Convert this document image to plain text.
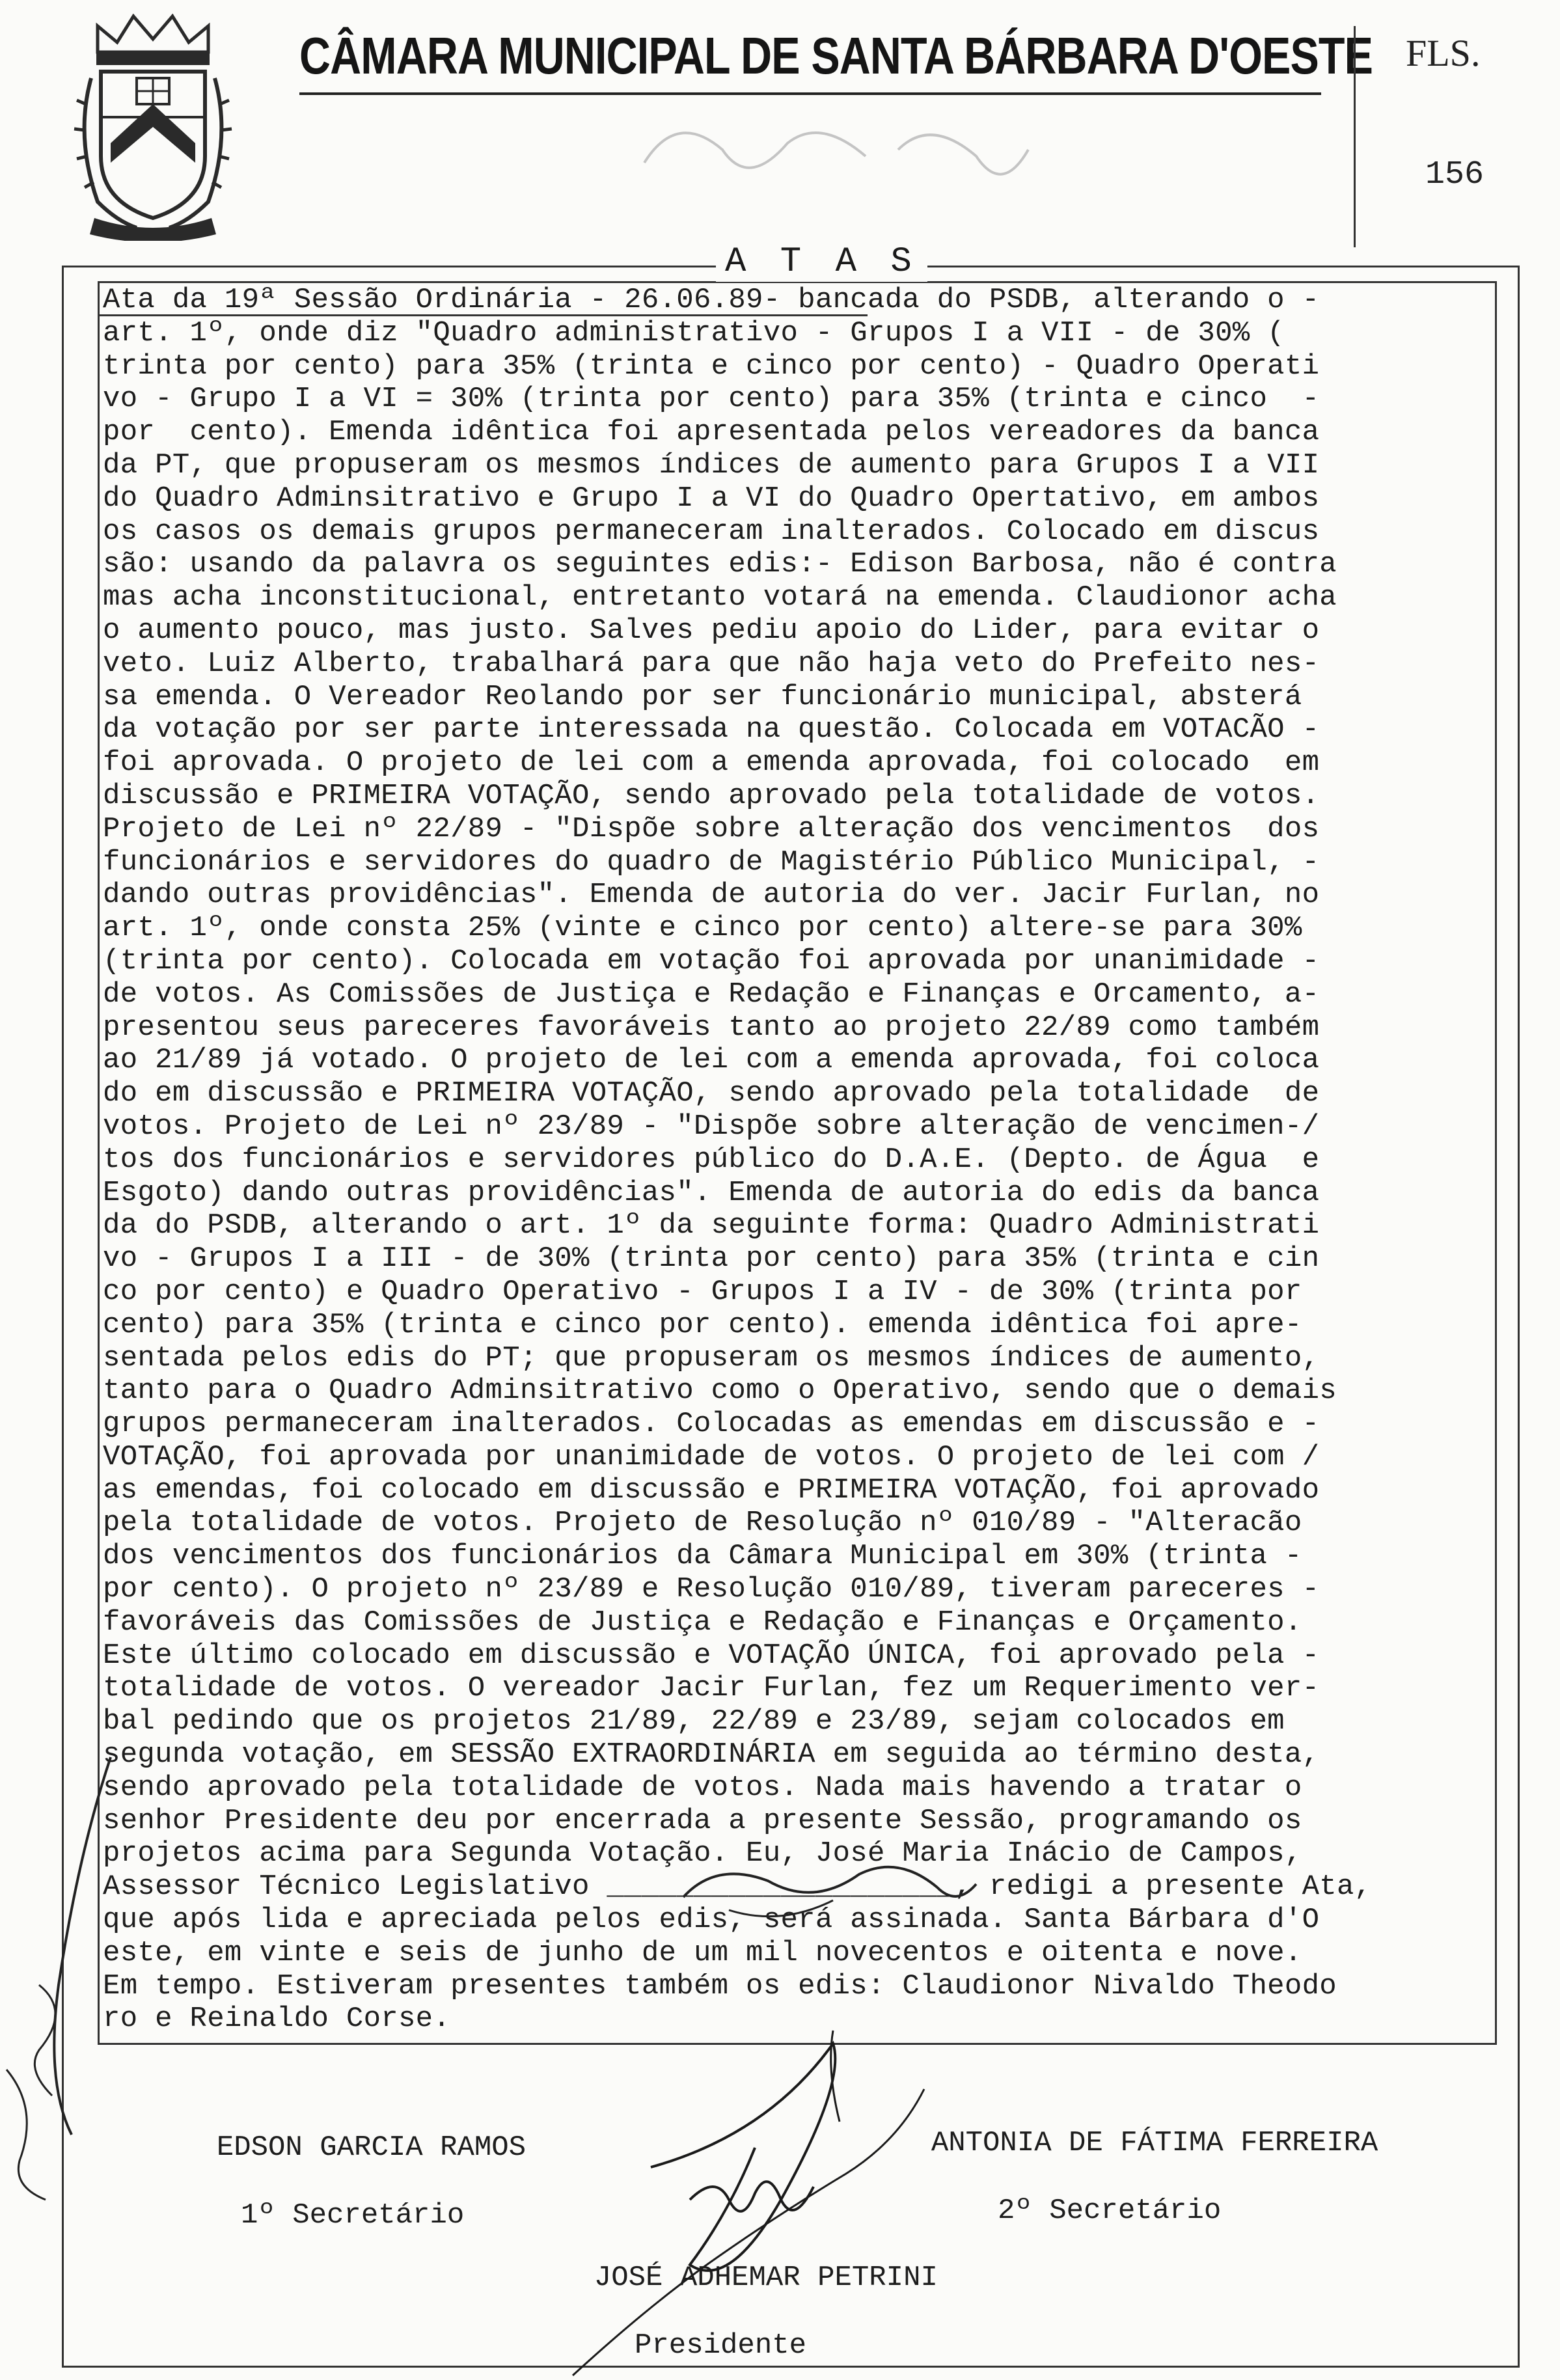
CÂMARA MUNICIPAL DE SANTA BÁRBARA D'OESTE FLS.
156
A T A S
Ata da 19ª Sessão Ordinária - 26.06.89- bancada do PSDB, alterando o -
art. 1º, onde diz "Quadro administrativo - Grupos I a VII - de 30% (
trinta por cento) para 35% (trinta e cinco por cento) - Quadro Operati
vo - Grupo I a VI = 30% (trinta por cento) para 35% (trinta e cinco  -
por  cento). Emenda idêntica foi apresentada pelos vereadores da banca
da PT, que propuseram os mesmos índices de aumento para Grupos I a VII
do Quadro Adminsitrativo e Grupo I a VI do Quadro Opertativo, em ambos
os casos os demais grupos permaneceram inalterados. Colocado em discus
são: usando da palavra os seguintes edis:- Edison Barbosa, não é contra
mas acha inconstitucional, entretanto votará na emenda. Claudionor acha
o aumento pouco, mas justo. Salves pediu apoio do Lider, para evitar o
veto. Luiz Alberto, trabalhará para que não haja veto do Prefeito nes-
sa emenda. O Vereador Reolando por ser funcionário municipal, absterá
da votação por ser parte interessada na questão. Colocada em VOTACÃO -
foi aprovada. O projeto de lei com a emenda aprovada, foi colocado  em
discussão e PRIMEIRA VOTAÇÃO, sendo aprovado pela totalidade de votos.
Projeto de Lei nº 22/89 - "Dispõe sobre alteração dos vencimentos  dos
funcionários e servidores do quadro de Magistério Público Municipal, -
dando outras providências". Emenda de autoria do ver. Jacir Furlan, no
art. 1º, onde consta 25% (vinte e cinco por cento) altere-se para 30%
(trinta por cento). Colocada em votação foi aprovada por unanimidade -
de votos. As Comissões de Justiça e Redação e Finanças e Orcamento, a-
presentou seus pareceres favoráveis tanto ao projeto 22/89 como também
ao 21/89 já votado. O projeto de lei com a emenda aprovada, foi coloca
do em discussão e PRIMEIRA VOTAÇÃO, sendo aprovado pela totalidade  de
votos. Projeto de Lei nº 23/89 - "Dispõe sobre alteração de vencimen-/
tos dos funcionários e servidores público do D.A.E. (Depto. de Água  e
Esgoto) dando outras providências". Emenda de autoria do edis da banca
da do PSDB, alterando o art. 1º da seguinte forma: Quadro Administrati
vo - Grupos I a III - de 30% (trinta por cento) para 35% (trinta e cin
co por cento) e Quadro Operativo - Grupos I a IV - de 30% (trinta por
cento) para 35% (trinta e cinco por cento). emenda idêntica foi apre-
sentada pelos edis do PT; que propuseram os mesmos índices de aumento,
tanto para o Quadro Adminsitrativo como o Operativo, sendo que o demais
grupos permaneceram inalterados. Colocadas as emendas em discussão e -
VOTAÇÃO, foi aprovada por unanimidade de votos. O projeto de lei com /
as emendas, foi colocado em discussão e PRIMEIRA VOTAÇÃO, foi aprovado
pela totalidade de votos. Projeto de Resolução nº 010/89 - "Alteracão
dos vencimentos dos funcionários da Câmara Municipal em 30% (trinta -
por cento). O projeto nº 23/89 e Resolução 010/89, tiveram pareceres -
favoráveis das Comissões de Justiça e Redação e Finanças e Orçamento.
Este último colocado em discussão e VOTAÇÃO ÚNICA, foi aprovado pela -
totalidade de votos. O vereador Jacir Furlan, fez um Requerimento ver-
bal pedindo que os projetos 21/89, 22/89 e 23/89, sejam colocados em
segunda votação, em SESSÃO EXTRAORDINÁRIA em seguida ao término desta,
sendo aprovado pela totalidade de votos. Nada mais havendo a tratar o
senhor Presidente deu por encerrada a presente Sessão, programando os
projetos acima para Segunda Votação. Eu, José Maria Inácio de Campos,
Assessor Técnico Legislativo ____________________, redigi a presente Ata,
que após lida e apreciada pelos edis, será assinada. Santa Bárbara d'O
este, em vinte e seis de junho de um mil novecentos e oitenta e nove.
Em tempo. Estiveram presentes também os edis: Claudionor Nivaldo Theodo
ro e Reinaldo Corse.

EDSON GARCIA RAMOS

1º Secretário

ANTONIA DE FÁTIMA FERREIRA

2º Secretário

JOSÉ ADHEMAR PETRINI

Presidente
